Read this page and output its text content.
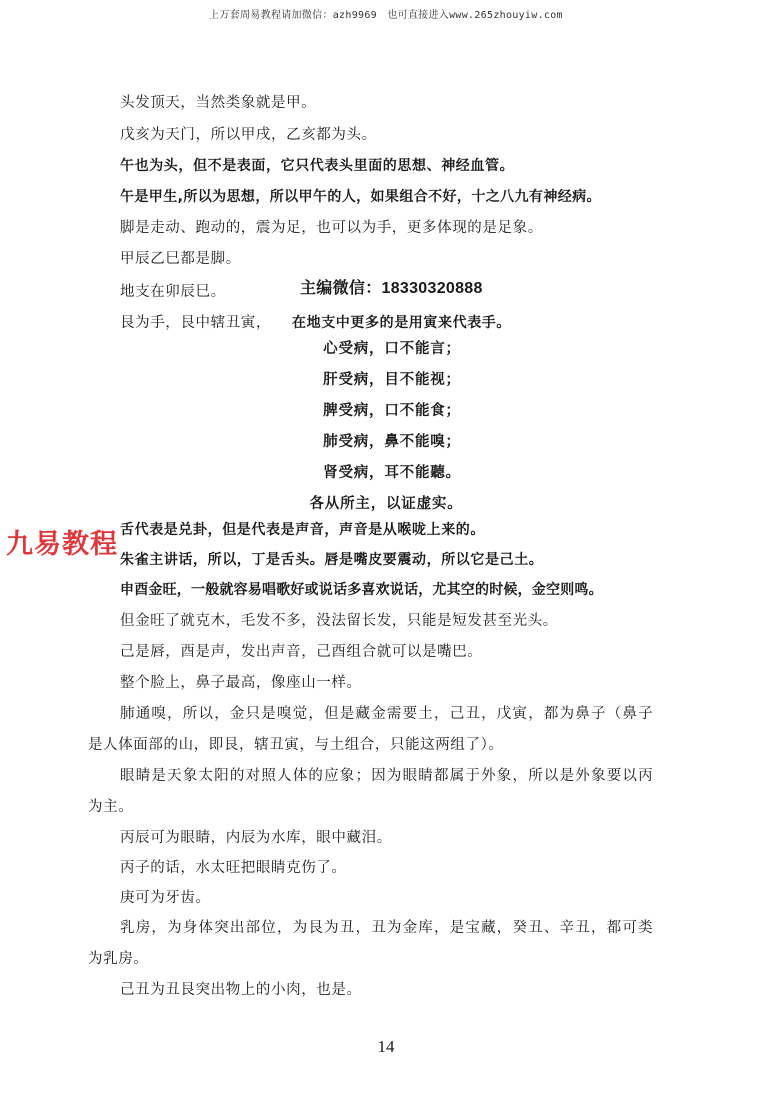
上万套周易教程请加微信：azh9969　也可直接进入www.265zhouyiw.com
头发顶天，当然类象就是甲。
戊亥为天门，所以甲戌，乙亥都为头。
午也为头，但不是表面，它只代表头里面的思想、神经血管。
午是甲生,所以为思想，所以甲午的人，如果组合不好，十之八九有神经病。
脚是走动、跑动的，震为足，也可以为手，更多体现的是足象。
甲辰乙巳都是脚。
地支在卯辰巳。	主编微信：18330320888
艮为手，艮中辖丑寅， 在地支中更多的是用寅来代表手。
心受病，口不能言；
肝受病，目不能视；
脾受病，口不能食；
肺受病，鼻不能嗅；
肾受病，耳不能聽。
各从所主，以证虚实。
舌代表是兑卦，但是代表是声音，声音是从喉咙上来的。
朱雀主讲话，所以，丁是舌头。唇是嘴皮要震动，所以它是己土。
申酉金旺，一般就容易唱歌好或说话多喜欢说话，尤其空的时候，金空则鸣。
但金旺了就克木，毛发不多，没法留长发，只能是短发甚至光头。
己是唇，酉是声，发出声音，己酉组合就可以是嘴巴。
整个脸上，鼻子最高，像座山一样。
肺通嗅，所以，金只是嗅觉，但是藏金需要土，己丑，戊寅，都为鼻子（鼻子
是人体面部的山，即艮，辖丑寅，与土组合，只能这两组了）。
眼睛是天象太阳的对照人体的应象；因为眼睛都属于外象，所以是外象要以丙
为主。
丙辰可为眼睛，内辰为水库，眼中藏泪。
丙子的话，水太旺把眼睛克伤了。
庚可为牙齿。
乳房，为身体突出部位，为艮为丑，丑为金库，是宝藏，癸丑、辛丑，都可类
为乳房。
己丑为丑艮突出物上的小肉，也是。
九易教程
14
